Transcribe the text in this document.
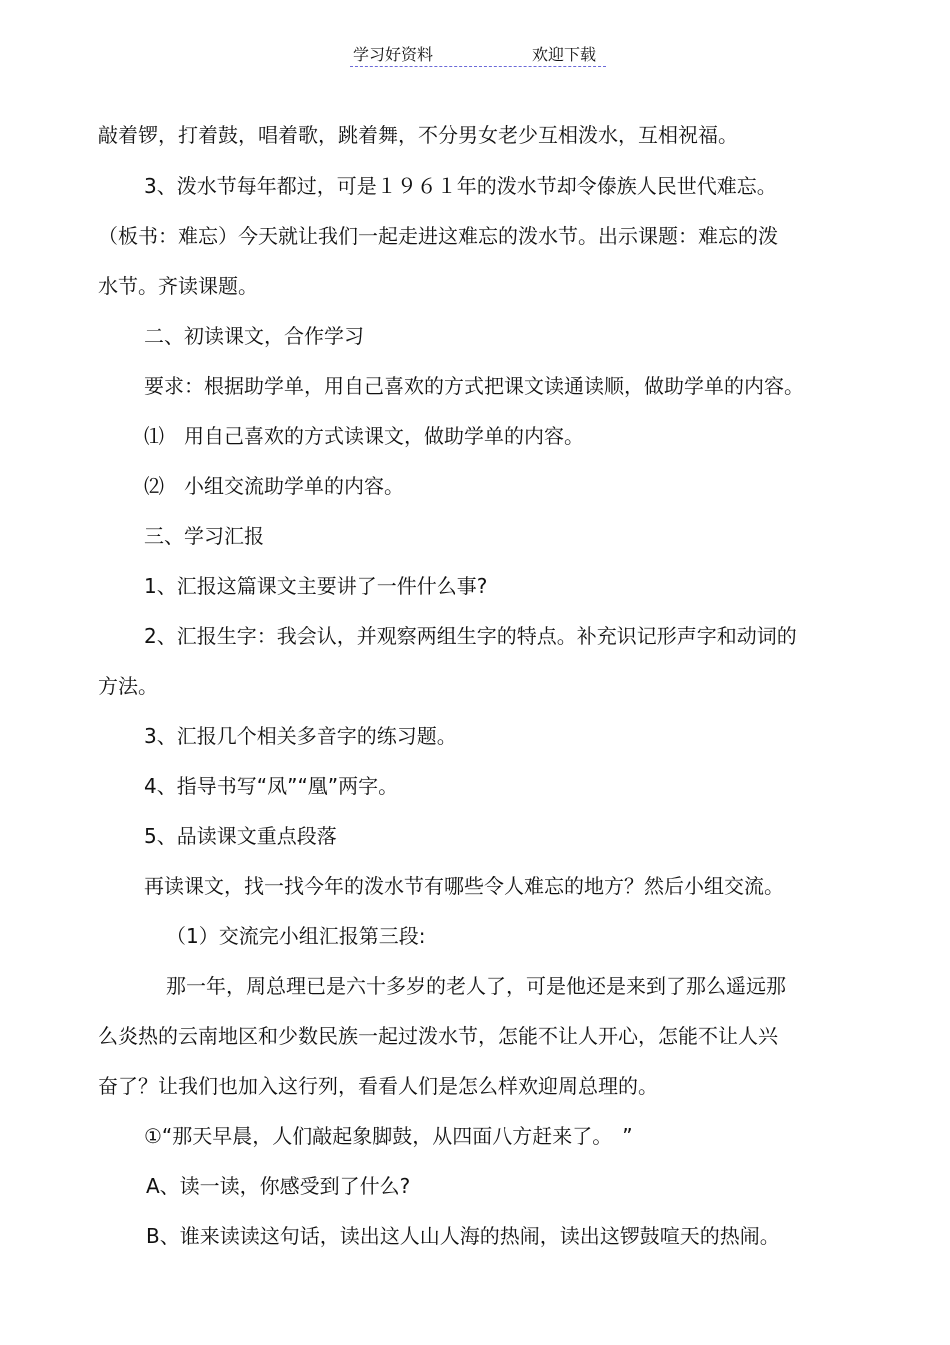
学习好资料	欢迎下载
敲着锣，打着鼓，唱着歌，跳着舞，不分男女老少互相泼水，互相祝福。
3、泼水节每年都过，可是１９６１年的泼水节却令傣族人民世代难忘。
（板书：难忘）今天就让我们一起走进这难忘的泼水节。出示课题：难忘的泼
水节。齐读课题。
二、初读课文，合作学习
要求：根据助学单，用自己喜欢的方式把课文读通读顺，做助学单的内容。
⑴　用自己喜欢的方式读课文，做助学单的内容。
⑵　小组交流助学单的内容。
三、学习汇报
1、汇报这篇课文主要讲了一件什么事?
2、汇报生字：我会认，并观察两组生字的特点。补充识记形声字和动词的
方法。
3、汇报几个相关多音字的练习题。
4、指导书写“凤”“凰”两字。
5、品读课文重点段落
再读课文，找一找今年的泼水节有哪些令人难忘的地方？然后小组交流。
（1）交流完小组汇报第三段:
那一年，周总理已是六十多岁的老人了，可是他还是来到了那么遥远那
么炎热的云南地区和少数民族一起过泼水节，怎能不让人开心，怎能不让人兴
奋了？让我们也加入这行列，看看人们是怎么样欢迎周总理的。
①“那天早晨，人们敲起象脚鼓，从四面八方赶来了。　”
A、读一读，你感受到了什么?
B、谁来读读这句话，读出这人山人海的热闹，读出这锣鼓喧天的热闹。
